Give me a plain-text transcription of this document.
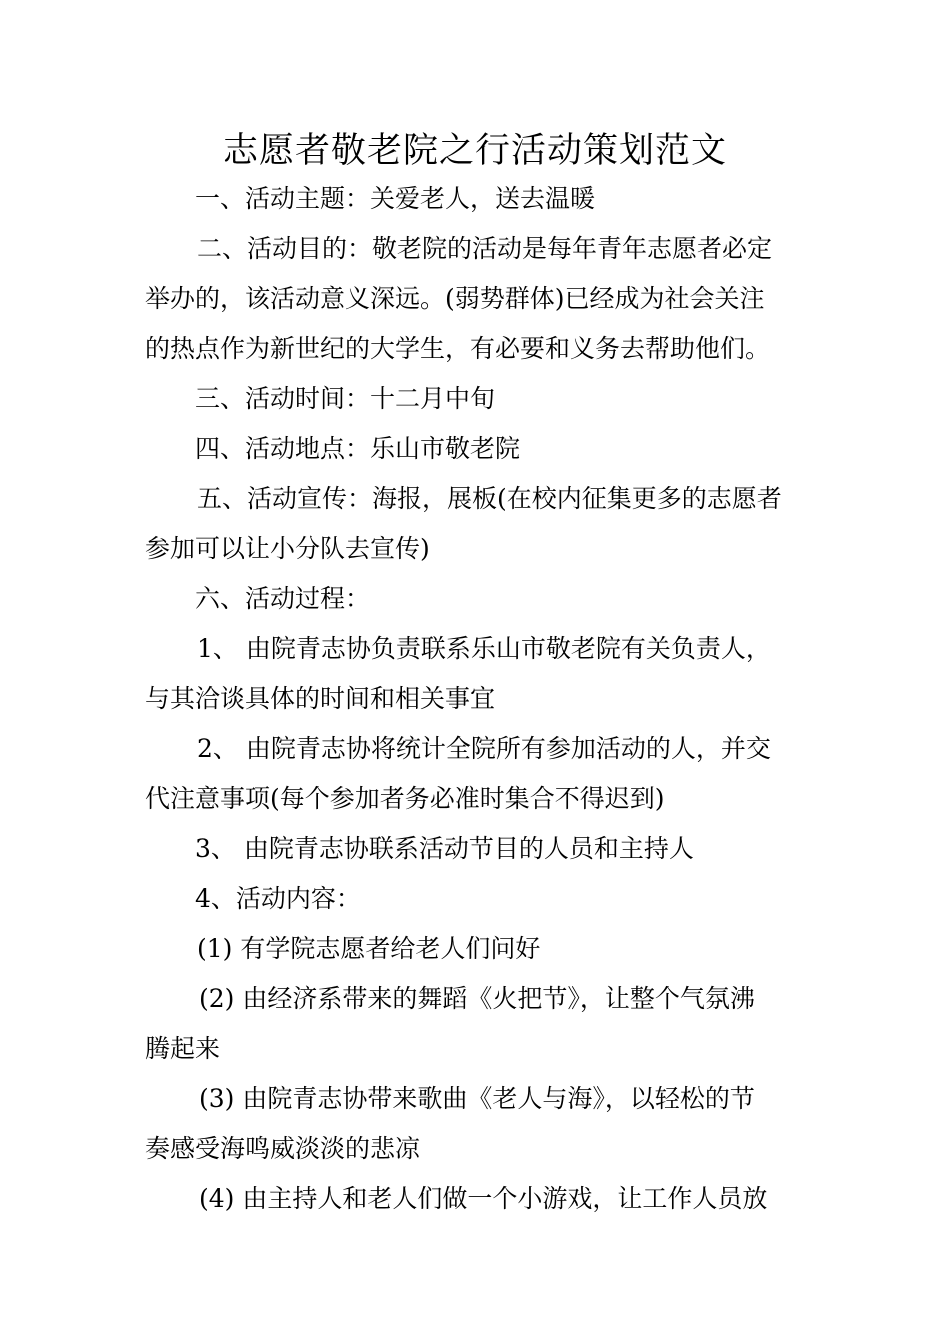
志愿者敬老院之行活动策划范文
一、活动主题：关爱老人，送去温暖
二、活动目的：敬老院的活动是每年青年志愿者必定
举办的，该活动意义深远。(弱势群体)已经成为社会关注
的热点作为新世纪的大学生，有必要和义务去帮助他们。
三、活动时间：十二月中旬
四、活动地点：乐山市敬老院
五、活动宣传：海报，展板(在校内征集更多的志愿者
参加可以让小分队去宣传)
六、活动过程：
1、 由院青志协负责联系乐山市敬老院有关负责人，
与其洽谈具体的时间和相关事宜
2、 由院青志协将统计全院所有参加活动的人，并交
代注意事项(每个参加者务必准时集合不得迟到)
3、 由院青志协联系活动节目的人员和主持人
4、活动内容：
(1) 有学院志愿者给老人们问好
(2) 由经济系带来的舞蹈《火把节》，让整个气氛沸
腾起来
(3) 由院青志协带来歌曲《老人与海》，以轻松的节
奏感受海鸣威淡淡的悲凉
(4) 由主持人和老人们做一个小游戏，让工作人员放
